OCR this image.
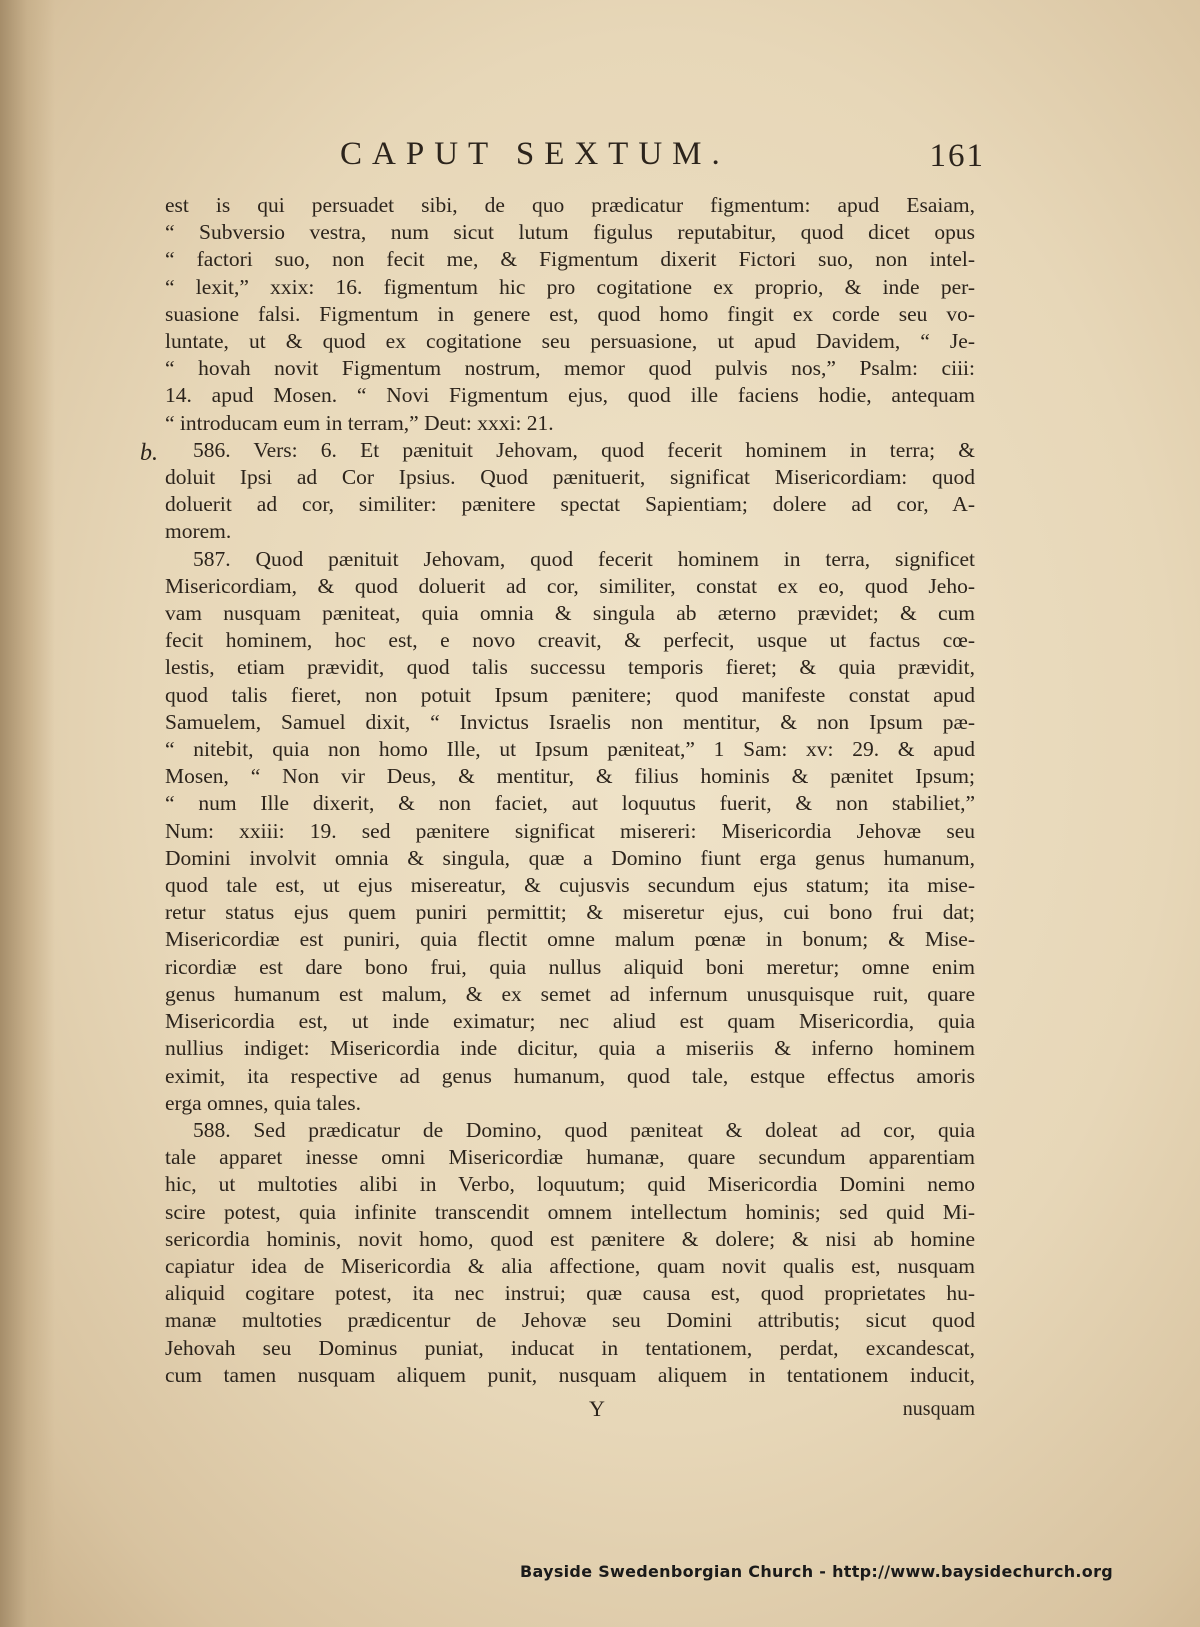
CAPUT SEXTUM.	161
b.
est is qui persuadet sibi, de quo prædicatur figmentum: apud Esaiam,
“ Subversio vestra, num sicut lutum figulus reputabitur, quod dicet opus
“ factori suo, non fecit me, & Figmentum dixerit Fictori suo, non intel-
“ lexit,” xxix: 16. figmentum hic pro cogitatione ex proprio, & inde per-
suasione falsi. Figmentum in genere est, quod homo fingit ex corde seu vo-
luntate, ut & quod ex cogitatione seu persuasione, ut apud Davidem, “ Je-
“ hovah novit Figmentum nostrum, memor quod pulvis nos,” Psalm: ciii:
14. apud Mosen. “ Novi Figmentum ejus, quod ille faciens hodie, antequam
“ introducam eum in terram,” Deut: xxxi: 21.
586. Vers: 6. Et pænituit Jehovam, quod fecerit hominem in terra; &
doluit Ipsi ad Cor Ipsius. Quod pænituerit, significat Misericordiam: quod
doluerit ad cor, similiter: pænitere spectat Sapientiam; dolere ad cor, A-
morem.
587. Quod pænituit Jehovam, quod fecerit hominem in terra, significet
Misericordiam, & quod doluerit ad cor, similiter, constat ex eo, quod Jeho-
vam nusquam pæniteat, quia omnia & singula ab æterno prævidet; & cum
fecit hominem, hoc est, e novo creavit, & perfecit, usque ut factus cœ-
lestis, etiam prævidit, quod talis successu temporis fieret; & quia prævidit,
quod talis fieret, non potuit Ipsum pænitere; quod manifeste constat apud
Samuelem, Samuel dixit, “ Invictus Israelis non mentitur, & non Ipsum pæ-
“ nitebit, quia non homo Ille, ut Ipsum pæniteat,” 1 Sam: xv: 29. & apud
Mosen, “ Non vir Deus, & mentitur, & filius hominis & pænitet Ipsum;
“ num Ille dixerit, & non faciet, aut loquutus fuerit, & non stabiliet,”
Num: xxiii: 19. sed pænitere significat misereri: Misericordia Jehovæ seu
Domini involvit omnia & singula, quæ a Domino fiunt erga genus humanum,
quod tale est, ut ejus misereatur, & cujusvis secundum ejus statum; ita mise-
retur status ejus quem puniri permittit; & miseretur ejus, cui bono frui dat;
Misericordiæ est puniri, quia flectit omne malum pœnæ in bonum; & Mise-
ricordiæ est dare bono frui, quia nullus aliquid boni meretur; omne enim
genus humanum est malum, & ex semet ad infernum unusquisque ruit, quare
Misericordia est, ut inde eximatur; nec aliud est quam Misericordia, quia
nullius indiget: Misericordia inde dicitur, quia a miseriis & inferno hominem
eximit, ita respective ad genus humanum, quod tale, estque effectus amoris
erga omnes, quia tales.
588. Sed prædicatur de Domino, quod pæniteat & doleat ad cor, quia
tale apparet inesse omni Misericordiæ humanæ, quare secundum apparentiam
hic, ut multoties alibi in Verbo, loquutum; quid Misericordia Domini nemo
scire potest, quia infinite transcendit omnem intellectum hominis; sed quid Mi-
sericordia hominis, novit homo, quod est pænitere & dolere; & nisi ab homine
capiatur idea de Misericordia & alia affectione, quam novit qualis est, nusquam
aliquid cogitare potest, ita nec instrui; quæ causa est, quod proprietates hu-
manæ multoties prædicentur de Jehovæ seu Domini attributis; sicut quod
Jehovah seu Dominus puniat, inducat in tentationem, perdat, excandescat,
cum tamen nusquam aliquem punit, nusquam aliquem in tentationem inducit,
Y	nusquam
Bayside Swedenborgian Church - http://www.baysidechurch.org
